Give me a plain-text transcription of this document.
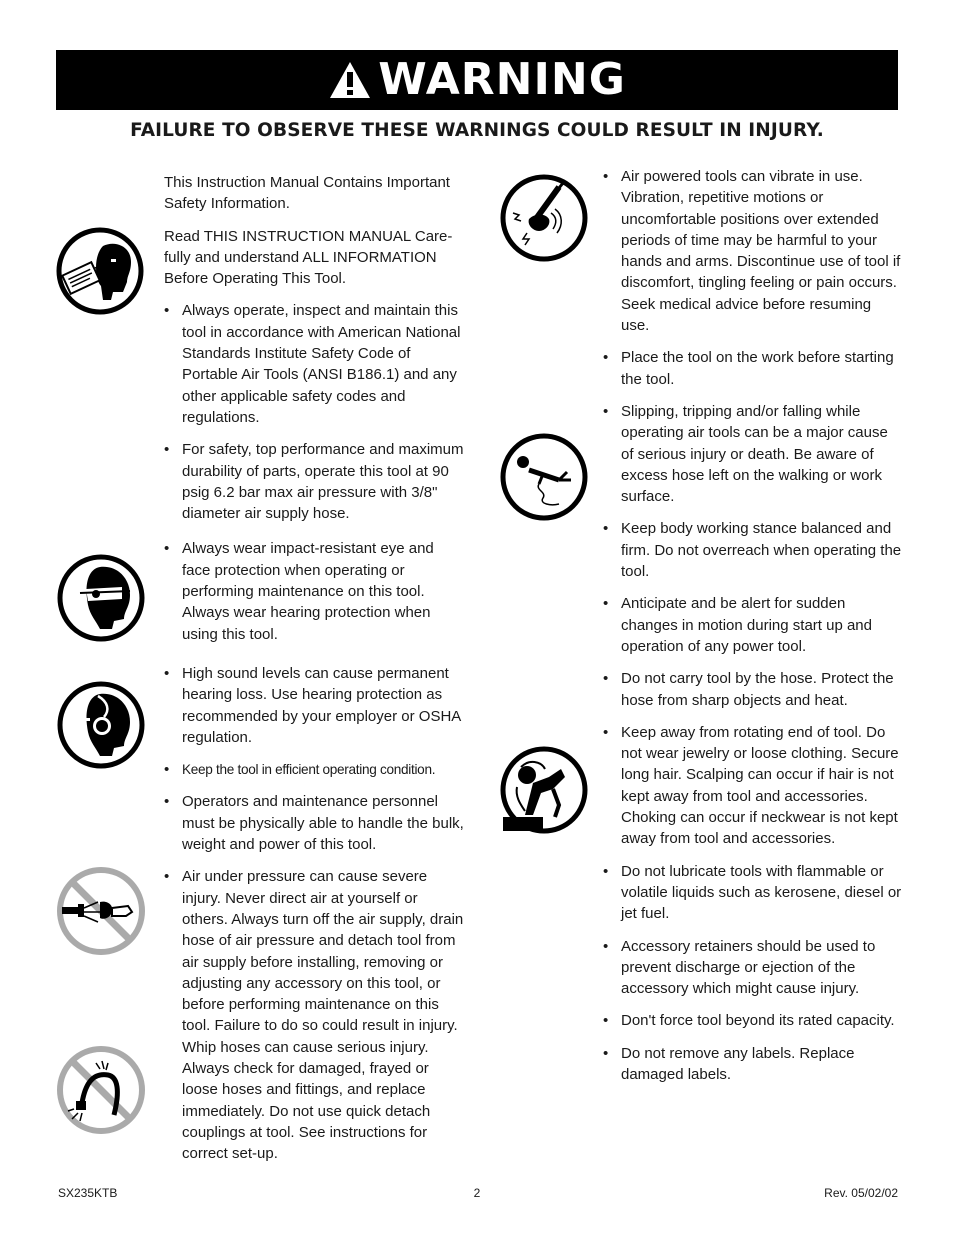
WARNING
FAILURE TO OBSERVE THESE WARNINGS COULD RESULT IN INJURY.

This Instruction Manual Contains Important Safety Information.

Read THIS INSTRUCTION MANUAL Care-fully and understand ALL INFORMATION Before Operating This Tool.

• Always operate, inspect and maintain this tool in accordance with American National Standards Institute Safety Code of Portable Air Tools (ANSI B186.1) and any other applicable safety codes and regulations.
• For safety, top performance and maximum durability of parts, operate this tool at 90 psig 6.2 bar max air pressure with 3/8" diameter air supply hose.
• Always wear impact-resistant eye and face protection when operating or performing maintenance on this tool. Always wear hearing protection when using this tool.
• High sound levels can cause permanent hearing loss. Use hearing protection as recommended by your employer or OSHA regulation.
• Keep the tool in efficient operating condition.
• Operators and maintenance personnel must be physically able to handle the bulk, weight and power of this tool.
• Air under pressure can cause severe injury. Never direct air at yourself or others. Always turn off the air supply, drain hose of air pressure and detach tool from air supply before installing, removing or adjusting any accessory on this tool, or before performing maintenance on this tool. Failure to do so could result in injury. Whip hoses can cause serious injury. Always check for damaged, frayed or loose hoses and fittings, and replace immediately. Do not use quick detach couplings at tool. See instructions for correct set-up.
• Air powered tools can vibrate in use. Vibration, repetitive motions or uncomfortable positions over extended periods of time may be harmful to your hands and arms. Discontinue use of tool if discomfort, tingling feeling or pain occurs. Seek medical advice before resuming use.
• Place the tool on the work before starting the tool.
• Slipping, tripping and/or falling while operating air tools can be a major cause of serious injury or death. Be aware of excess hose left on the walking or work surface.
• Keep body working stance balanced and firm. Do not overreach when operating the tool.
• Anticipate and be alert for sudden changes in motion during start up and operation of any power tool.
• Do not carry tool by the hose. Protect the hose from sharp objects and heat.
• Keep away from rotating end of tool. Do not wear jewelry or loose clothing. Secure long hair. Scalping can occur if hair is not kept away from tool and accessories. Choking can occur if neckwear is not kept away from tool and accessories.
• Do not lubricate tools with flammable or volatile liquids such as kerosene, diesel or jet fuel.
• Accessory retainers should be used to prevent discharge or ejection of the accessory which might cause injury.
• Don't force tool beyond its rated capacity.
• Do not remove any labels. Replace damaged labels.
SX235KTB	2	Rev. 05/02/02
